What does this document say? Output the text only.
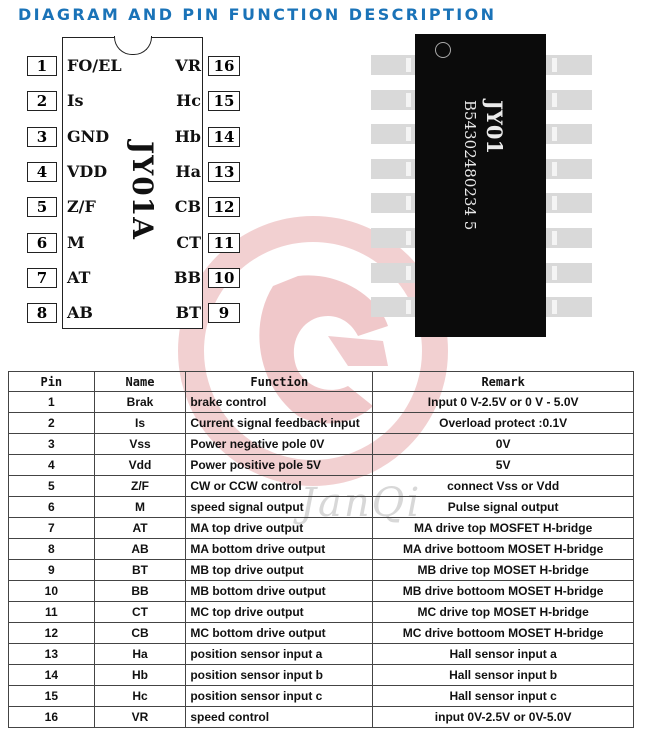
DIAGRAM AND PIN FUNCTION DESCRIPTION
JanQi
JY01A
1	FO/EL
2	Is
3	GND
4	VDD
5	Z/F
6	M
7	AT
8	AB
16
VR
15
Hc
14
Hb
13
Ha
12
CB
11
CT
10
BB
9
BT
JY01
B54302480234 5
Pin	Name	Function	Remark
1	Brak	brake control	Input 0 V-2.5V or 0 V - 5.0V
2	Is	Current signal feedback input	Overload protect :0.1V
3	Vss	Power negative pole 0V	0V
4	Vdd	Power positive pole 5V	5V
5	Z/F	CW or CCW control	connect Vss or Vdd
6	M	speed signal output	Pulse signal output
7	AT	MA top drive output	MA drive top MOSFET H-bridge
8	AB	MA bottom drive output	MA drive bottoom MOSET H-bridge
9	BT	MB top drive output	MB drive top MOSET H-bridge
10	BB	MB bottom drive output	MB drive bottoom MOSET H-bridge
11	CT	MC top drive output	MC drive top MOSET H-bridge
12	CB	MC bottom drive output	MC drive bottoom MOSET H-bridge
13	Ha	position sensor input a	Hall sensor input a
14	Hb	position sensor input b	Hall sensor input b
15	Hc	position sensor input c	Hall sensor input c
16	VR	speed control	input 0V-2.5V or 0V-5.0V
